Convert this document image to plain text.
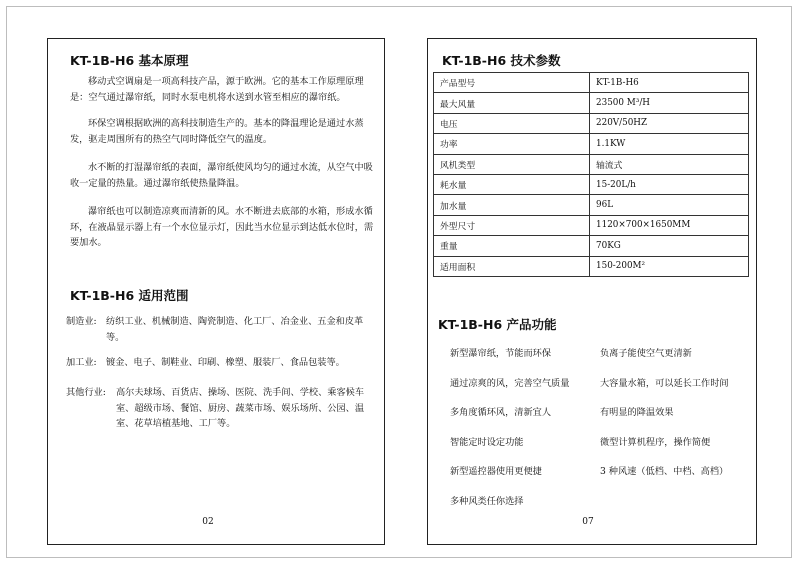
KT-1B-H6 基本原理

移动式空调扇是一项高科技产品，源于欧洲。它的基本工作原理原理是：空气通过瀑帘纸，同时水泵电机将水送到水管至相应的瀑帘纸。

环保空调根据欧洲的高科技制造生产的。基本的降温理论是通过水蒸发，驱走周围所有的热空气同时降低空气的温度。

水不断的打湿瀑帘纸的表面，瀑帘纸使风均匀的通过水流，从空气中吸收一定量的热量。通过瀑帘纸使热量降温。

瀑帘纸也可以制造凉爽而清新的风。水不断进去底部的水箱，形成水循环，在液晶显示器上有一个水位显示灯，因此当水位显示到达低水位时，需要加水。

KT-1B-H6 适用范围
制造业: 纺织工业、机械制造、陶瓷制造、化工厂、冶金业、五金和皮革等。
加工业: 镀金、电子、制鞋业、印刷、橡塑、服装厂、食品包装等。
其他行业: 高尔夫球场、百货店、操场、医院、洗手间、学校、乘客候车室、超级市场、餐馆、厨房、蔬菜市场、娱乐场所、公园、温室、花草培植基地、工厂等。
02
KT-1B-H6 技术参数
产品型号	KT-1B-H6
最大风量	23500 M³/H
电压	220V/50HZ
功率	1.1KW
风机类型	轴流式
耗水量	15-20L/h
加水量	96L
外型尺寸	1120×700×1650MM
重量	70KG
适用面积	150-200M²
KT-1B-H6 产品功能
新型瀑帘纸，节能而环保	负离子能使空气更清新
通过凉爽的风，完善空气质量	大容量水箱，可以延长工作时间
多角度循环风，清新宜人	有明显的降温效果
智能定时设定功能	微型计算机程序，操作简便
新型遥控器使用更便捷	3 种风速（低档、中档、高档）
多种风类任你选择
07
